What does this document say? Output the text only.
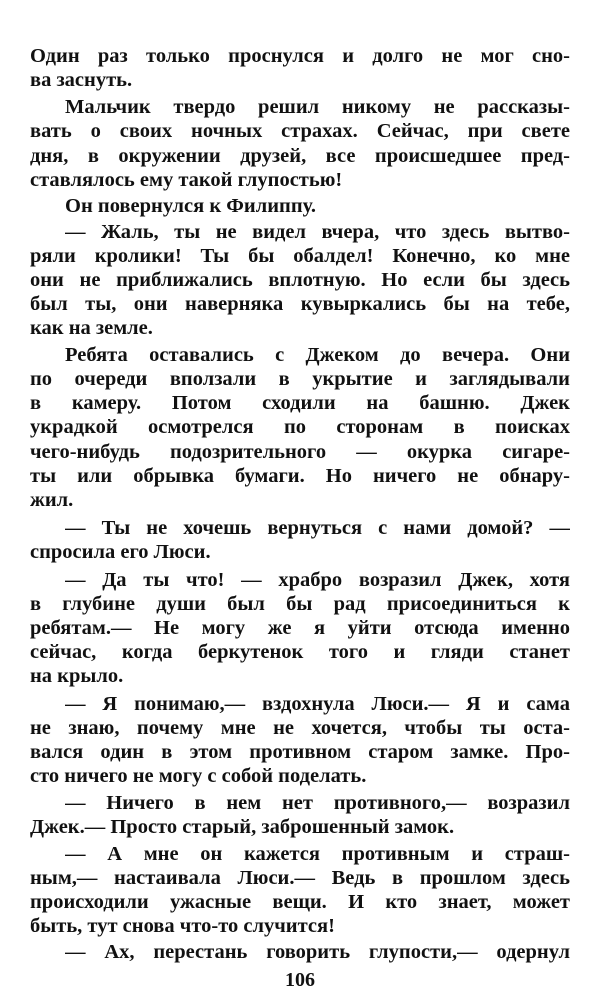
Один раз только проснулся и долго не мог сно-
ва заснуть.
Мальчик твердо решил никому не рассказы-
вать о своих ночных страхах. Сейчас, при свете
дня, в окружении друзей, все происшедшее пред-
ставлялось ему такой глупостью!
Он повернулся к Филиппу.
— Жаль, ты не видел вчера, что здесь вытво-
ряли кролики! Ты бы обалдел! Конечно, ко мне
они не приближались вплотную. Но если бы здесь
был ты, они наверняка кувыркались бы на тебе,
как на земле.
Ребята оставались с Джеком до вечера. Они
по очереди вползали в укрытие и заглядывали
в камеру. Потом сходили на башню. Джек
украдкой осмотрелся по сторонам в поисках
чего-нибудь подозрительного — окурка сигаре-
ты или обрывка бумаги. Но ничего не обнару-
жил.
— Ты не хочешь вернуться с нами домой? —
спросила его Люси.
— Да ты что! — храбро возразил Джек, хотя
в глубине души был бы рад присоединиться к
ребятам.— Не могу же я уйти отсюда именно
сейчас, когда беркутенок того и гляди станет
на крыло.
— Я понимаю,— вздохнула Люси.— Я и сама
не знаю, почему мне не хочется, чтобы ты оста-
вался один в этом противном старом замке. Про-
сто ничего не могу с собой поделать.
— Ничего в нем нет противного,— возразил
Джек.— Просто старый, заброшенный замок.
— А мне он кажется противным и страш-
ным,— настаивала Люси.— Ведь в прошлом здесь
происходили ужасные вещи. И кто знает, может
быть, тут снова что-то случится!
— Ах, перестань говорить глупости,— одернул
106
